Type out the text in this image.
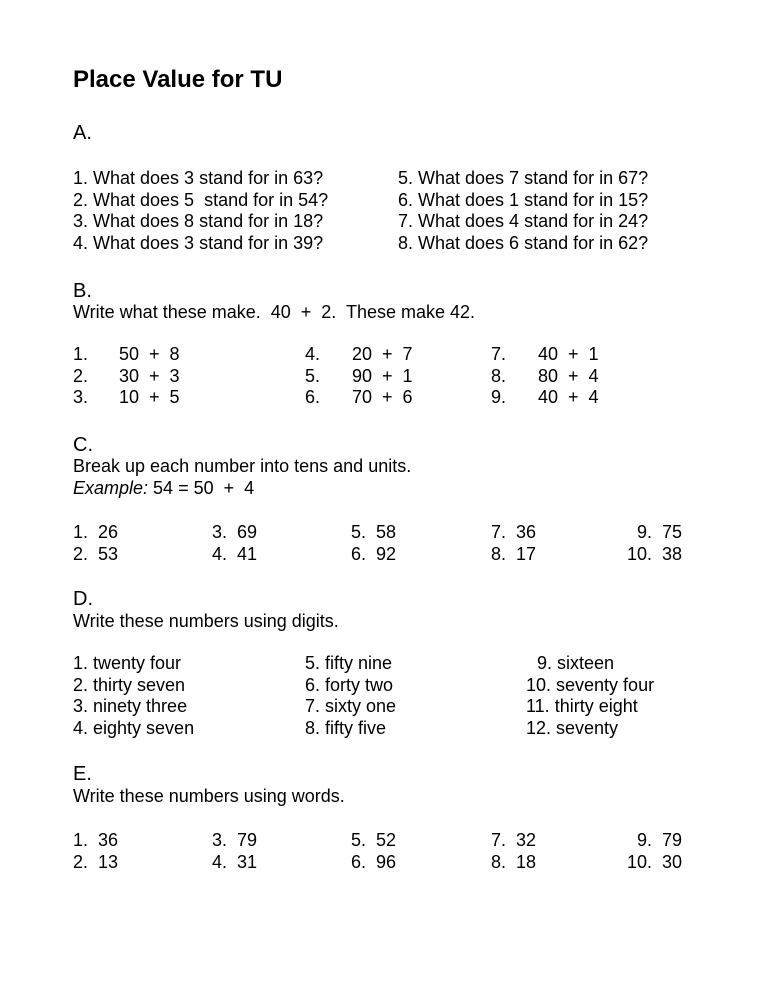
Place Value for TU
A.
1. What does 3 stand for in 63?
2. What does 5  stand for in 54?
3. What does 8 stand for in 18?
4. What does 3 stand for in 39?
5. What does 7 stand for in 67?
6. What does 1 stand for in 15?
7. What does 4 stand for in 24?
8. What does 6 stand for in 62?
B.
Write what these make.  40  +  2.  These make 42.
1.
2.
3.
50  +  8
30  +  3
10  +  5
4.
5.
6.
20  +  7
90  +  1
70  +  6
7.
8.
9.
40  +  1
80  +  4
40  +  4
C.
Break up each number into tens and units.
Example: 54 = 50  +  4
1.  26
2.  53
3.  69
4.  41
5.  58
6.  92
7.  36
8.  17
9.  75
10.  38
D.
Write these numbers using digits.
1. twenty four
2. thirty seven
3. ninety three
4. eighty seven
5. fifty nine
6. forty two
7. sixty one
8. fifty five
9. sixteen
10. seventy four
11. thirty eight
12. seventy
E.
Write these numbers using words.
1.  36
2.  13
3.  79
4.  31
5.  52
6.  96
7.  32
8.  18
9.  79
10.  30
